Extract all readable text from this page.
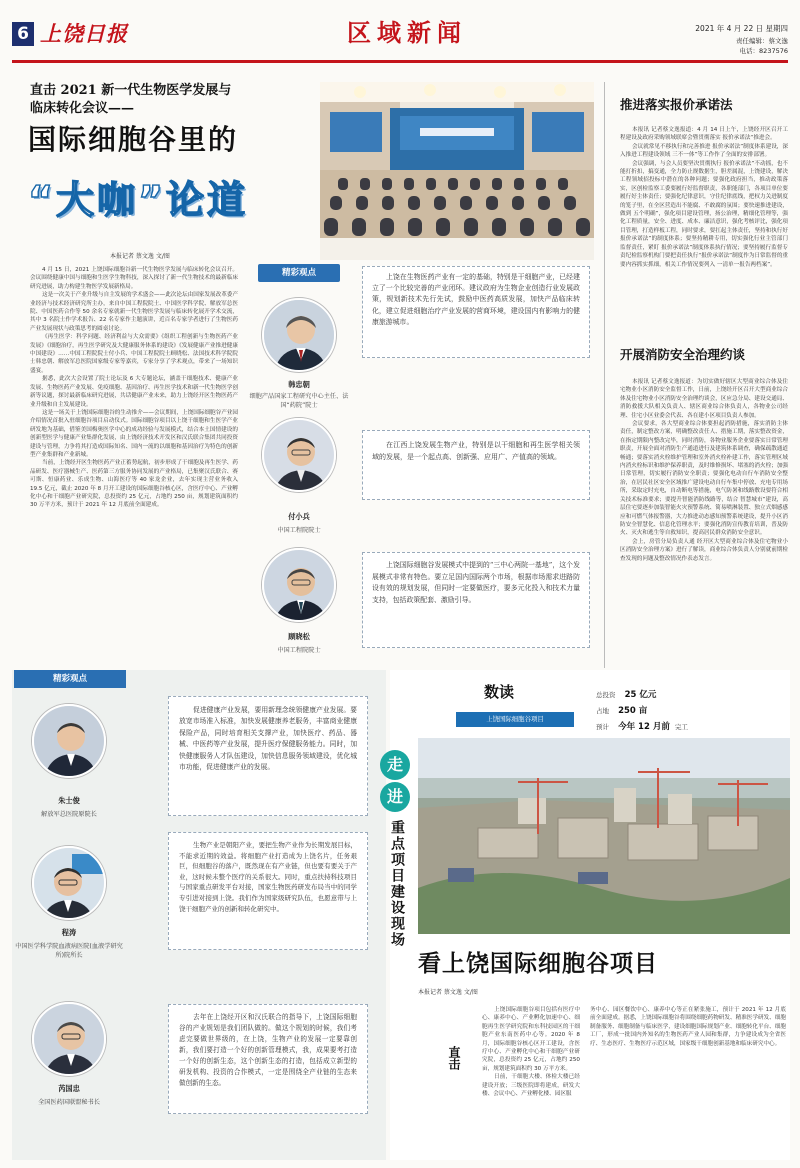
6 上饶日报	区域新闻	2021 年 4 月 22 日 星期四
责任编辑：蔡文逸
电话：8237576
直击 2021 新一代生物医学发展与
临床转化会议——
国际细胞谷里的
“大咖”论道
本报记者 蔡文逸 文/图

4 月 15 日，2021 上饶国际细胞谷新一代生物医学发展与临床转化会议召开。会议围绕健康中国与细胞和生医学生物科技，深入探讨了新一代生物技术的最新临床研究进展，助力构建生物医学发展新格局。

这是一次关于产业升级与自主发展的学术盛会——此次论坛由国家发展改革委产业经济与技术经济研究所主办，来自中国工程院院士、中国医学科学院、解放军总医院、中国医药合作等 50 余名专家就新一代生物医学发展与临床转化展开学术交流，其中 3 名院士作学术报告、22 名专家作主题演讲，近百名专家学者进行了生物医药产业发展现状与政策思考的圆桌讨论。

《再生医学：科学问题、经济利益与大众需要》《组织工程创新与生物医药产业发展》《细胞治疗，再生医学研究及大健康服务体系的建设》《发展健康产业推进健康中国建设》……中国工程院院士付小兵、中国工程院院士顾晓松、法国技术科学院院士韩忠朝、解放军总医院国家级专家等嘉宾，专家分享了学术观点，带来了一场知识盛宴。

据悉，此次大会设置了院士论坛及 6 大专题论坛，涵盖干细胞技术、健康产业发展、生物医药产业发展、免疫细胞、基因治疗、再生医学技术和新一代生物医学创新等议题，探讨最新临床研究进展，共话健康产业未来，助力上饶经开区生物医药产业升级和自主发展建设。

这是一场关于上饶国际细胞谷的生动推介——会议期间，上饶国际细胞谷产业园介绍情况首批入驻细胞谷项目启动仪式。国际细胞谷项目以上饶干细胞和生医学产业研发地为基础，借鉴美国梅奥医学中心的成功经验与发展模式，结合本土国情建设的创新型医学与健康产业集群化发展，由上饶经济技术开发区和汉氏联合集团共同投资建设与管理，力争将其打造成国际知名、国内一流的以细胞和基因治疗为特色的创新型产业集群和产业新城。

当前，上饶经开区生物医药产业正蓄势起航，初步形成了干细胞及再生医学、药品研发、医疗器械生产、医药第三方服务协同发展的产业格局，已集聚汉氏联合、赛可斯、恒康药业、乐成生物、山海医疗等 40 家龙企业，去年实现主营业务收入 19.5 亿元，截止 2020 年 8 月开工建设的国际细胞谷核心区，含医疗中心、产业孵化中心和干细胞产业研究院，总投资约 25 亿元，占地约 250 亩，规划建筑面积约 30 万平方米，预计于 2021 年 12 月底前全面建成。

精彩观点
韩忠朝
细胞产品国家工程研究中心主任、法国“药院”院士

上饶在生物医药产业有一定的基础，特别是干细胞产业，已经建立了一个比较完善的产业闭环。建议政府为生物企业创造行业发展政策，规划新技术先行先试，鼓励中医药高质发展，加快产品临床转化，建立促进细胞治疗产业发展的营商环境，建设国内有影响力的健康旅游城市。

付小兵
中国工程院院士

在江西上饶发展生物产业，特别是以干细胞和再生医学相关领域的发展，是一个起点高、创新强、应用广、产值高的领域。

顾晓松
中国工程院院士

上饶国际细胞谷发展模式中提到的“三中心两院一基地”，这个发展模式非常有特色。要立足国内国际两个市场，根据市场需求进路防设有效的规划发展，但同时一定要做医疗，要多元化投入和技术力量支持，包括政策配套、激励引导。

推进落实报价承诺法

本报讯 记者蔡文逸报道：4 月 14 日上午，上饶经开区召开工程建设及政府采购领域联席会暨贯彻落实 报价承诺法“推进会。

会议就常见不移执行和完善推进 报价承诺法”制度体系建设，深入推进工程建设领域 三不一体”等工作作了全面的安排部署。

会议强调，与会人员要坚决贯彻执行 报价承诺法”不动摇，也不能打折扣，搞变通，全力防止规数据生，胆差属混，上饶建设，解决工程领域招投标中潜在的各种问题；要强化政府担当，推动政策落实，区创检监察工委要履行好监督职责，各职能部门，各项目单位要履行好主体责任；要强化纪律意识，守住纪律底线，把权力关进制度的笼子里，在全区营造出不能腐、不敢腐的氛围；要快速推进建设，做到 五个明确”，强化项目建设管理，扬公治理，精细化管理等，强化工程质量，安全、进度、成本、廉洁意识，强化考核评比，强化项目管理，打造样板工程，同时要求，要扛起主体责任，坚持和执行好 报价承诺法”的制度体系；要坚持精耕专用，切实强化行业主管部门监督责任，紧盯 报价承诺法”制度体系执行情况；要坚持履行监督专责纪检监察机构门要把责任执行“报价承诺法”制度作为日常监督的重要内容抓实抓细，相关工作情况要列入 一清单一报告两档案”。

开展消防安全治理约谈

本报讯 记者蔡文逸报道：为切实做好辖区大型商业综合体及住宅物业小区消防安全监督工作，日前，上饶经开区召开大型商业综合体及住宅物业小区消防安全治理约谈会，区应急分局、建设交通局、消防救援大队相关负责人、辖区商业综合体负责人，各物业公司经理、住宅小区业委会代表、各在建小区项目负责人参加。

会议要求，各大型商业综合体要担起消防措施，落实消防主体责任，制定整改方案，明确整改责任人、措施工期，落实整改资金，在指定期限内整改完毕，同时消防，各物业服务企业要落实日常管理职责，开展全面对消防生产通道进行及建筑体系调查，确保疏散通道畅通；要落实消火栓维护管理和室外消火栓补建工作，落实管理区域内消火栓标识和维护保养职责，及时维修损坏、堵塞的消火栓；加强日常管理，切实履行消防安全职责；要强化电动自行车消防安全整治，在居民社区安全区域推广建设电动自行车集中停放、充电专用场所，采取定时充电，自动断电等措施，电气防暑和线路敷设要符合相关技术标准要求；要提升智能消防线路等，结合 智慧城市”建设，高层住宅要逐步加装智能火灾预警系统、简易喷淋装置、独立式烟感感应和可燃气体报警器，大力推进动态感知预警系统建设，提升小区消防安全智慧化、信息化管理水平；要强化消防宣传教育培训，普及防火、灭火和逃生等自救知识，提高居民群众消防安全意识。

会上，房管分局负责人通 经开区大型商业综合体及住宅物业小区消防安全治理方案》进行了解读，商业综合体负责人分别就前期检查发现的问题及整改情况作表态发言。

精彩观点
朱士俊
解放军总医院原院长

促进健康产业发展，要用新理念统领健康产业发展。要放宽市场准入标准，加快发展健康养老服务，丰富商业健康保险产品，同时培育相关支撑产业，加快医疗、药品、器械、中医药等产业发展，提升医疗保健服务能力。同时，加快健康服务人才队伍建设，加快信息服务领域建设，优化城市功能，促进健康产业的发展。

程涛
中国医学科学院血液病医院(血液学研究所)院所长

生物产业是朝阳产业，要把生物产业作为长期发展目标，不能求近期的效益。将细胞产业打造成为上饶名片，任务艰巨，但细胞谷的落户，既然现在有产业链，但也要有要关于产业，这时候未整个医疗的关系很大。同时，重点扶持科技项目与国家重点研发平台对接，国家生物医药研发布局当中的同学专引进对接到上饶。我们作为国家级研究队伍，也愿意带与上饶干细胞产业的创新和转化研究中。

芮国忠
全国医药国联盟秘书长

去年在上饶经开区和汉氏联合的指导下，上饶国际细胞谷的产业规划是我们团队做的。做这个规划的时候，我们考虑完要做世界级的，在上饶，生物产业的发展一定要靠创新，我们要打造一个好的创新管理模式，我，成果要考打造一个好的创新生态，这个创新生态的打造，包括成立新型的研发机构、投资的合作模式，一定是围绕全产业链的生态来做创新的生态。

走
进
重点项目建设现场
数读
上饶国际细胞谷项目
总投资 25 亿元
占地 250 亩
预计 今年 12 月前 完工
看上饶国际细胞谷项目
本报记者 蔡文逸 文/图
直击

上饶国际细胞谷项目包括有医疗中心、康养中心、产业孵化加速中心、细胞再生医学研究院和东科技园区的干细胞产业东南医药中心等。2020 年 8 月，国际细胞谷核心区开工建设，含医疗中心、产业孵化中心和干细胞产业研究院，总投资约 25 亿元，占地约 250 亩，规划建筑面积约 30 万平方米。

日前，干细胞大楼、体检大楼已经建设开放；三级医院即将建成，研发大楼、会议中心、产业孵化楼、园区服

务中心、园区餐饮中心、康养中心等正在紧张施工，预计于 2021 年 12 月底前全面建成。据悉，上饶国际细胞谷将围绕细胞药物研发、精准医学研发、细胞制备服务、细胞制备与临床医学，建设细胞国际规划产业、细胞转化平台、细胞工厂，形成一批国内外知名的生物医药产业人园和集群，力争建设成为全省医疗、生态医疗、生物医疗示范区域，国家级干细胞创新基地和临床研究中心。
